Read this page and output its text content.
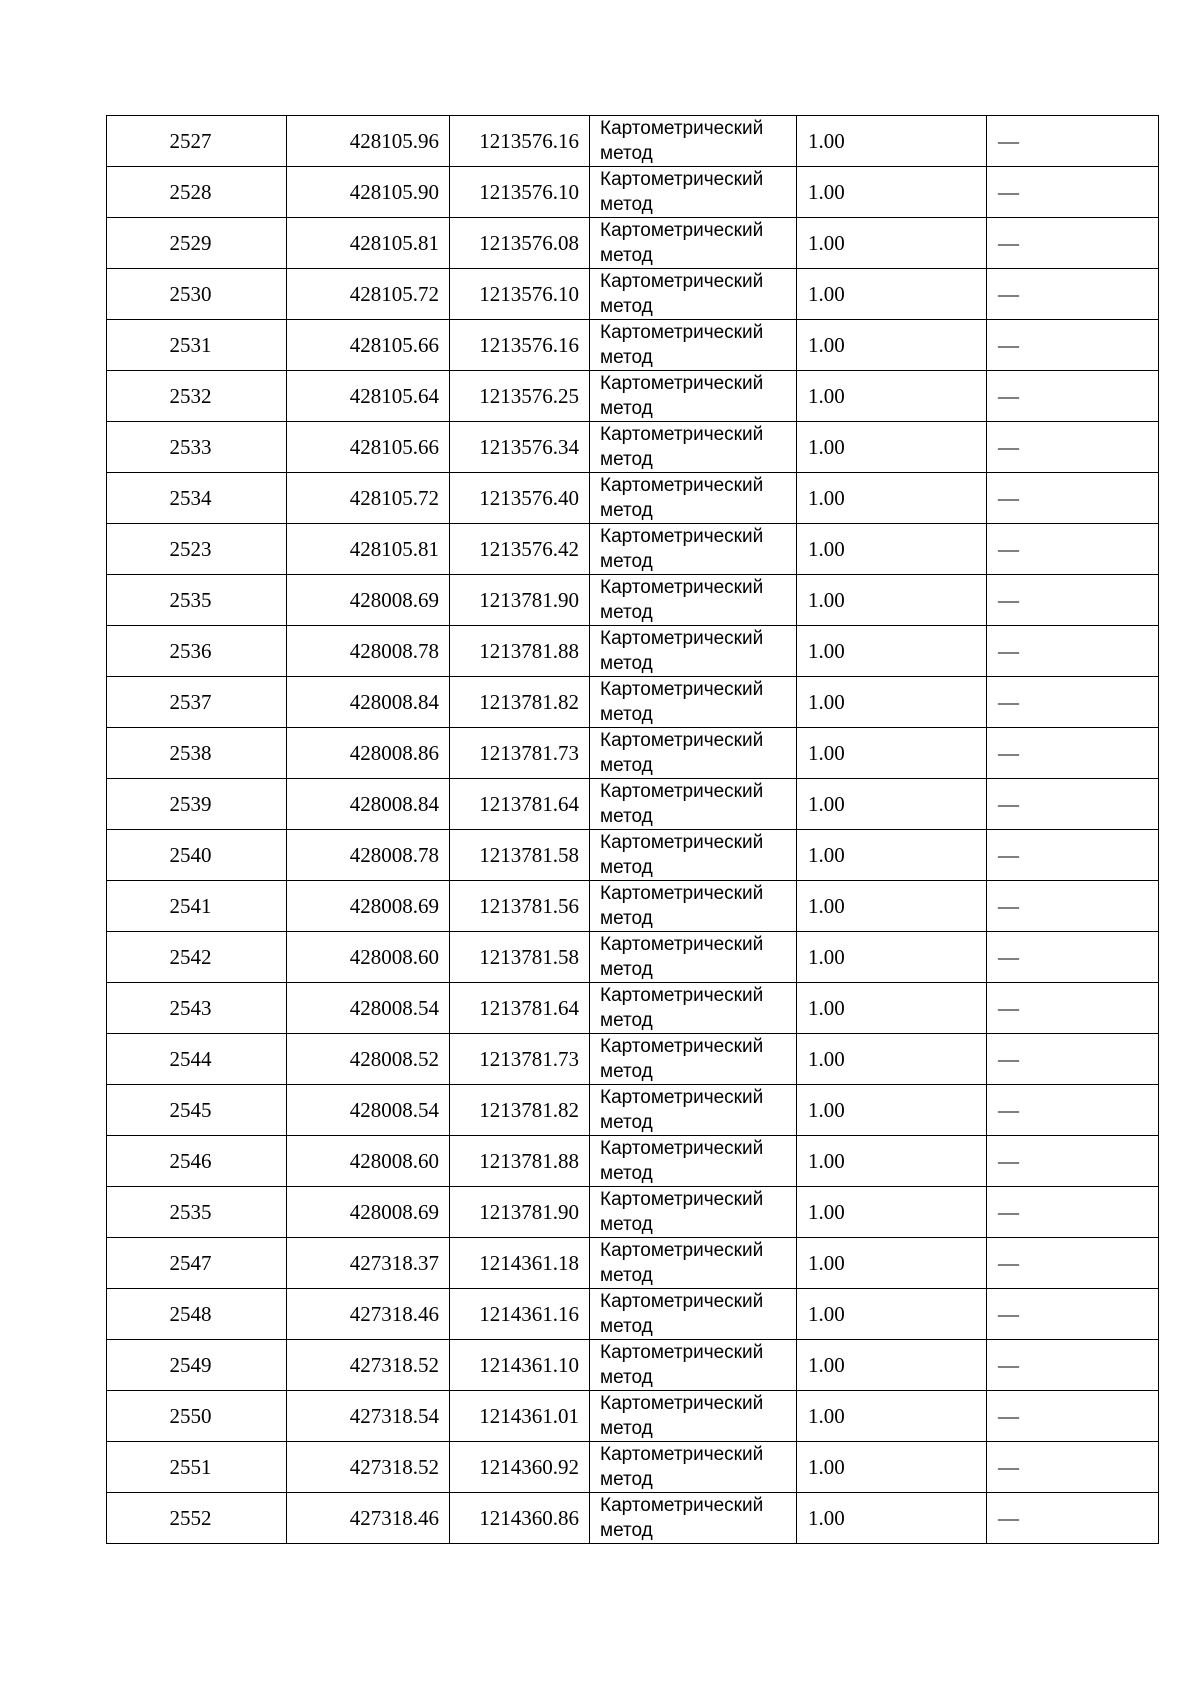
2527	428105.96	1213576.16	Картометрический
метод	1.00	—
2528	428105.90	1213576.10	Картометрический
метод	1.00	—
2529	428105.81	1213576.08	Картометрический
метод	1.00	—
2530	428105.72	1213576.10	Картометрический
метод	1.00	—
2531	428105.66	1213576.16	Картометрический
метод	1.00	—
2532	428105.64	1213576.25	Картометрический
метод	1.00	—
2533	428105.66	1213576.34	Картометрический
метод	1.00	—
2534	428105.72	1213576.40	Картометрический
метод	1.00	—
2523	428105.81	1213576.42	Картометрический
метод	1.00	—
2535	428008.69	1213781.90	Картометрический
метод	1.00	—
2536	428008.78	1213781.88	Картометрический
метод	1.00	—
2537	428008.84	1213781.82	Картометрический
метод	1.00	—
2538	428008.86	1213781.73	Картометрический
метод	1.00	—
2539	428008.84	1213781.64	Картометрический
метод	1.00	—
2540	428008.78	1213781.58	Картометрический
метод	1.00	—
2541	428008.69	1213781.56	Картометрический
метод	1.00	—
2542	428008.60	1213781.58	Картометрический
метод	1.00	—
2543	428008.54	1213781.64	Картометрический
метод	1.00	—
2544	428008.52	1213781.73	Картометрический
метод	1.00	—
2545	428008.54	1213781.82	Картометрический
метод	1.00	—
2546	428008.60	1213781.88	Картометрический
метод	1.00	—
2535	428008.69	1213781.90	Картометрический
метод	1.00	—
2547	427318.37	1214361.18	Картометрический
метод	1.00	—
2548	427318.46	1214361.16	Картометрический
метод	1.00	—
2549	427318.52	1214361.10	Картометрический
метод	1.00	—
2550	427318.54	1214361.01	Картометрический
метод	1.00	—
2551	427318.52	1214360.92	Картометрический
метод	1.00	—
2552	427318.46	1214360.86	Картометрический
метод	1.00	—
